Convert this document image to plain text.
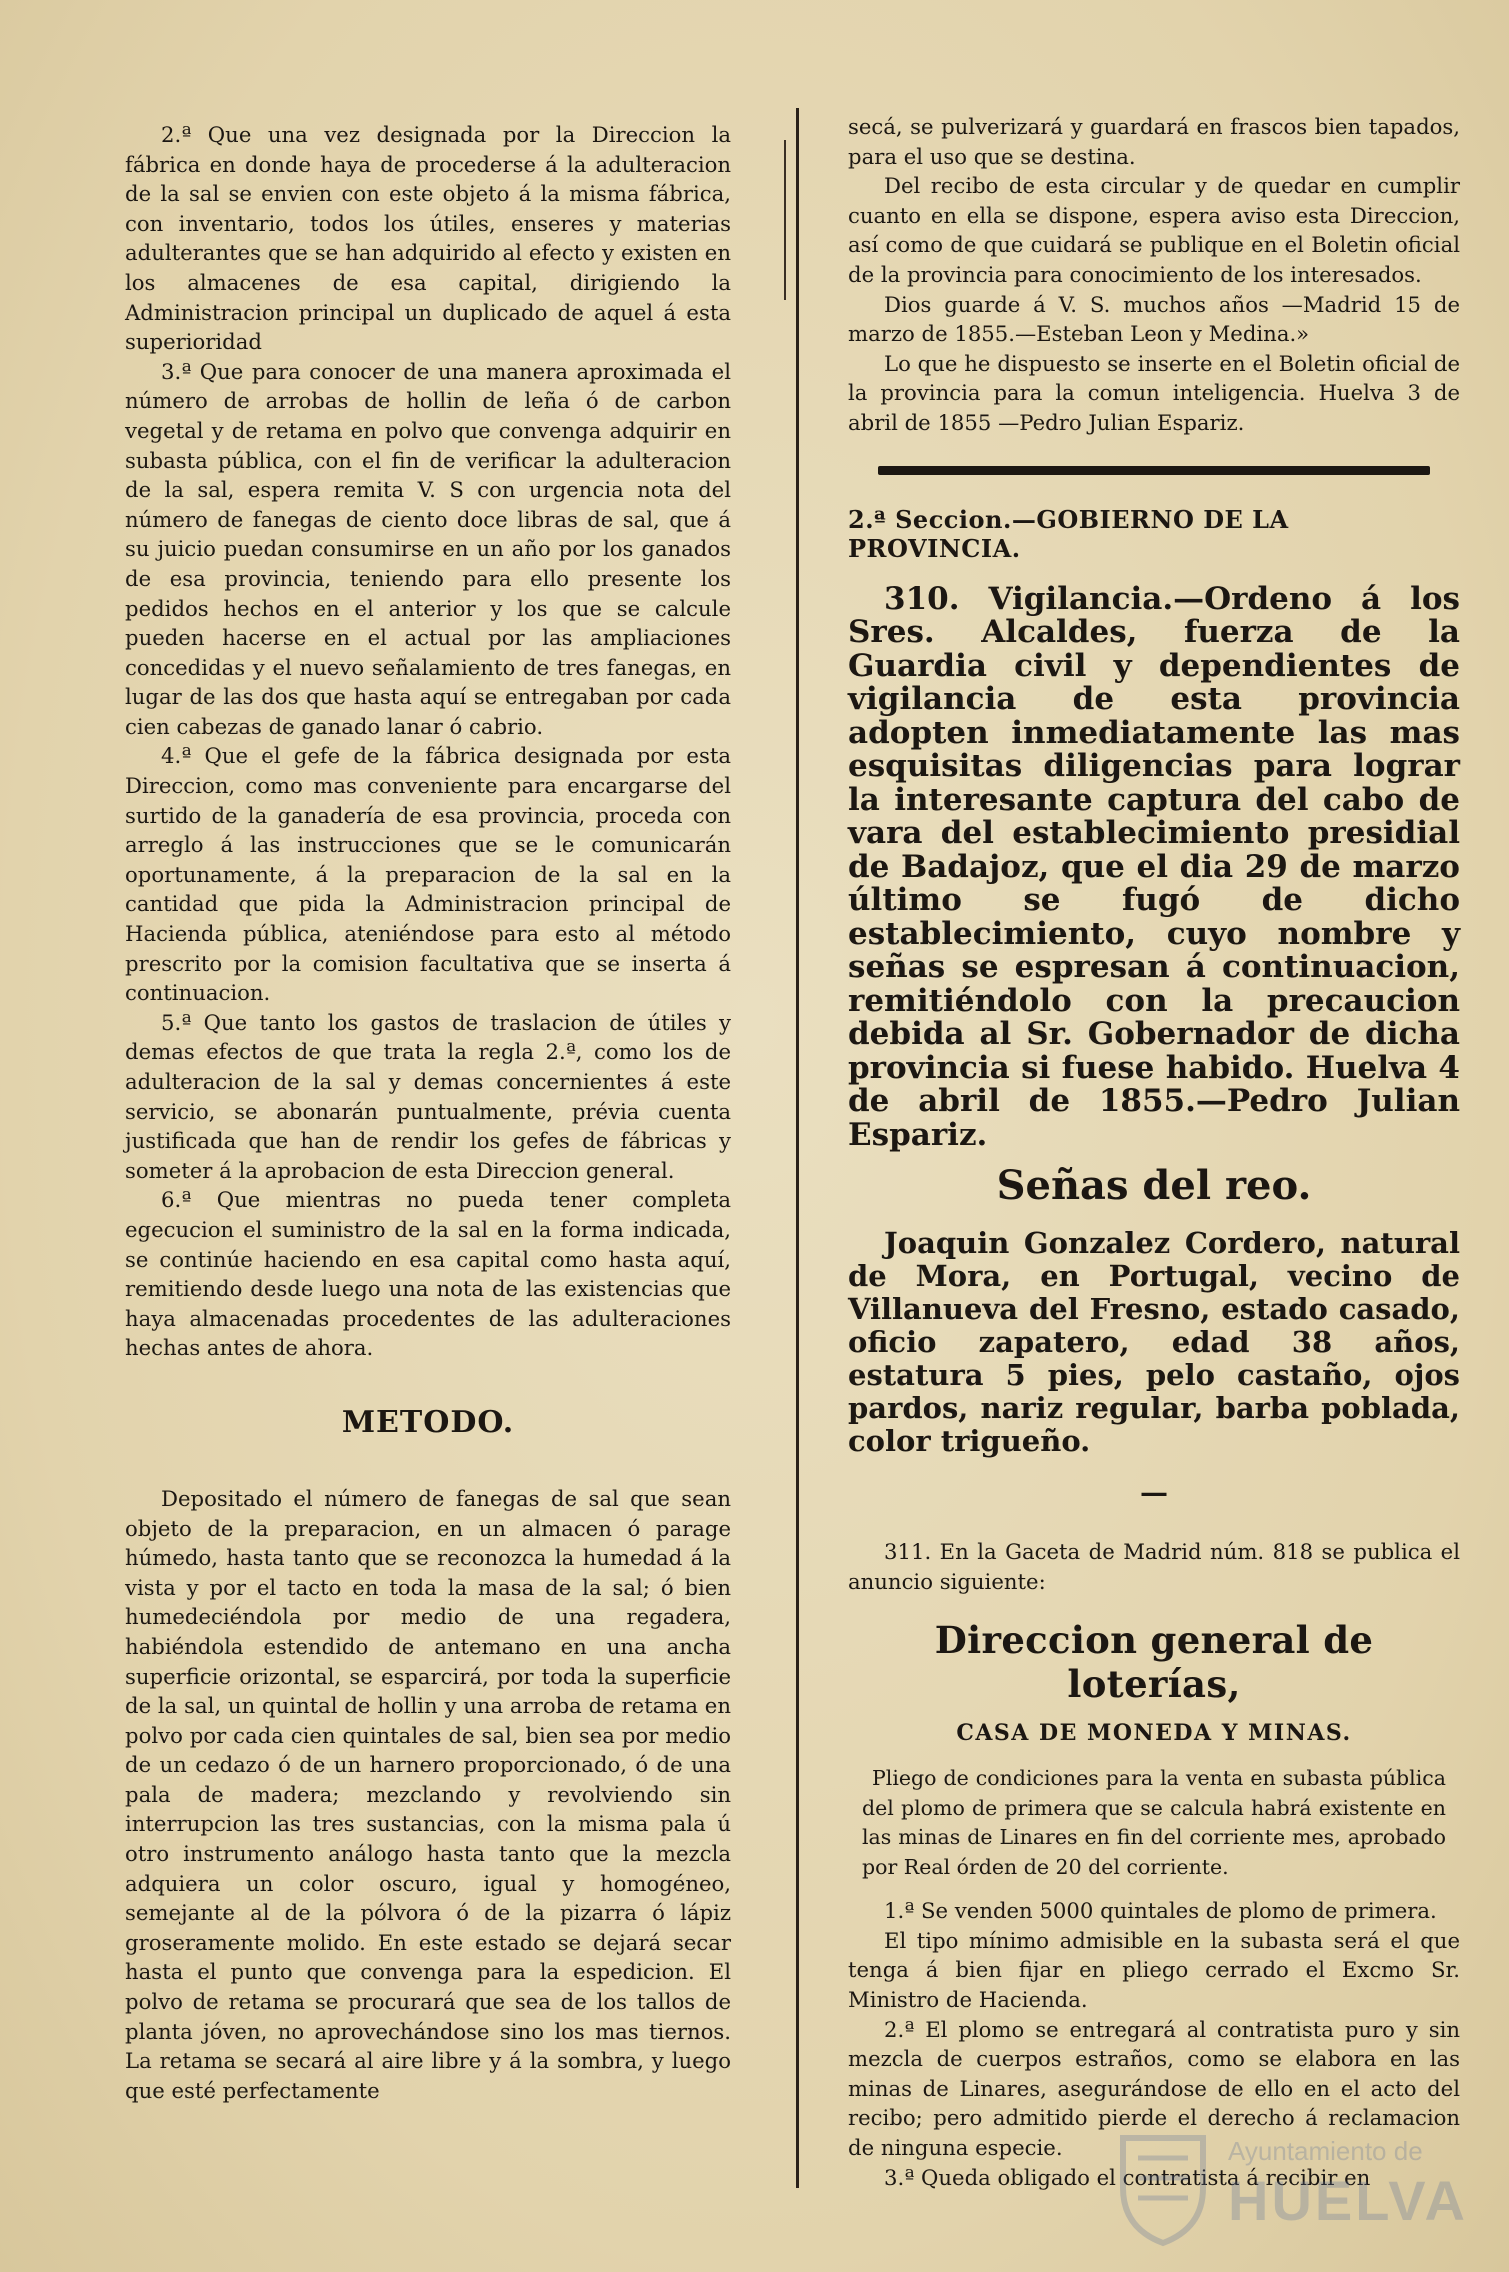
2.ª Que una vez designada por la Direccion la fábrica en donde haya de procederse á la adulteracion de la sal se envien con este objeto á la misma fábrica, con inventario, todos los útiles, enseres y materias adulterantes que se han adquirido al efecto y existen en los almacenes de esa capital, dirigiendo la Administracion principal un duplicado de aquel á esta superioridad

3.ª Que para conocer de una manera aproximada el número de arrobas de hollin de leña ó de carbon vegetal y de retama en polvo que convenga adquirir en subasta pública, con el fin de verificar la adulteracion de la sal, espera remita V. S con urgencia nota del número de fanegas de ciento doce libras de sal, que á su juicio puedan consumirse en un año por los ganados de esa provincia, teniendo para ello presente los pedidos hechos en el anterior y los que se calcule pueden hacerse en el actual por las ampliaciones concedidas y el nuevo señalamiento de tres fanegas, en lugar de las dos que hasta aquí se entregaban por cada cien cabezas de ganado lanar ó cabrio.

4.ª Que el gefe de la fábrica designada por esta Direccion, como mas conveniente para encargarse del surtido de la ganadería de esa provincia, proceda con arreglo á las instrucciones que se le comunicarán oportunamente, á la preparacion de la sal en la cantidad que pida la Administracion principal de Hacienda pública, ateniéndose para esto al método prescrito por la comision facultativa que se inserta á continuacion.

5.ª Que tanto los gastos de traslacion de útiles y demas efectos de que trata la regla 2.ª, como los de adulteracion de la sal y demas concernientes á este servicio, se abonarán puntualmente, prévia cuenta justificada que han de rendir los gefes de fábricas y someter á la aprobacion de esta Direccion general.

6.ª Que mientras no pueda tener completa egecucion el suministro de la sal en la forma indicada, se continúe haciendo en esa capital como hasta aquí, remitiendo desde luego una nota de las existencias que haya almacenadas procedentes de las adulteraciones hechas antes de ahora.

METODO.

Depositado el número de fanegas de sal que sean objeto de la preparacion, en un almacen ó parage húmedo, hasta tanto que se reconozca la humedad á la vista y por el tacto en toda la masa de la sal; ó bien humedeciéndola por medio de una regadera, habiéndola estendido de antemano en una ancha superficie orizontal, se esparcirá, por toda la superficie de la sal, un quintal de hollin y una arroba de retama en polvo por cada cien quintales de sal, bien sea por medio de un cedazo ó de un harnero proporcionado, ó de una pala de madera; mezclando y revolviendo sin interrupcion las tres sustancias, con la misma pala ú otro instrumento análogo hasta tanto que la mezcla adquiera un color oscuro, igual y homogéneo, semejante al de la pólvora ó de la pizarra ó lápiz groseramente molido. En este estado se dejará secar hasta el punto que convenga para la espedicion. El polvo de retama se procurará que sea de los tallos de planta jóven, no aprovechándose sino los mas tiernos. La retama se secará al aire libre y á la sombra, y luego que esté perfectamente

secá, se pulverizará y guardará en frascos bien tapados, para el uso que se destina.

Del recibo de esta circular y de quedar en cumplir cuanto en ella se dispone, espera aviso esta Direccion, así como de que cuidará se publique en el Boletin oficial de la provincia para conocimiento de los interesados.

Dios guarde á V. S. muchos años —Madrid 15 de marzo de 1855.—Esteban Leon y Medina.»

Lo que he dispuesto se inserte en el Boletin oficial de la provincia para la comun inteligencia. Huelva 3 de abril de 1855 —Pedro Julian Espariz.

2.ª Seccion.—GOBIERNO DE LA PROVINCIA.

310. Vigilancia.—Ordeno á los Sres. Alcaldes, fuerza de la Guardia civil y dependientes de vigilancia de esta provincia adopten inmediatamente las mas esquisitas diligencias para lograr la interesante captura del cabo de vara del establecimiento presidial de Badajoz, que el dia 29 de marzo último se fugó de dicho establecimiento, cuyo nombre y señas se espresan á continuacion, remitiéndolo con la precaucion debida al Sr. Gobernador de dicha provincia si fuese habido. Huelva 4 de abril de 1855.—Pedro Julian Espariz.

Señas del reo.

Joaquin Gonzalez Cordero, natural de Mora, en Portugal, vecino de Villanueva del Fresno, estado casado, oficio zapatero, edad 38 años, estatura 5 pies, pelo castaño, ojos pardos, nariz regular, barba poblada, color trigueño.

—

311. En la Gaceta de Madrid núm. 818 se publica el anuncio siguiente:

Direccion general de loterías,

CASA DE MONEDA Y MINAS.

Pliego de condiciones para la venta en subasta pública del plomo de primera que se calcula habrá existente en las minas de Linares en fin del corriente mes, aprobado por Real órden de 20 del corriente.

1.ª Se venden 5000 quintales de plomo de primera.

El tipo mínimo admisible en la subasta será el que tenga á bien fijar en pliego cerrado el Excmo Sr. Ministro de Hacienda.

2.ª El plomo se entregará al contratista puro y sin mezcla de cuerpos estraños, como se elabora en las minas de Linares, asegurándose de ello en el acto del recibo; pero admitido pierde el derecho á reclamacion de ninguna especie.

3.ª Queda obligado el contratista á recibir en

Ayuntamiento de
HUELVA
